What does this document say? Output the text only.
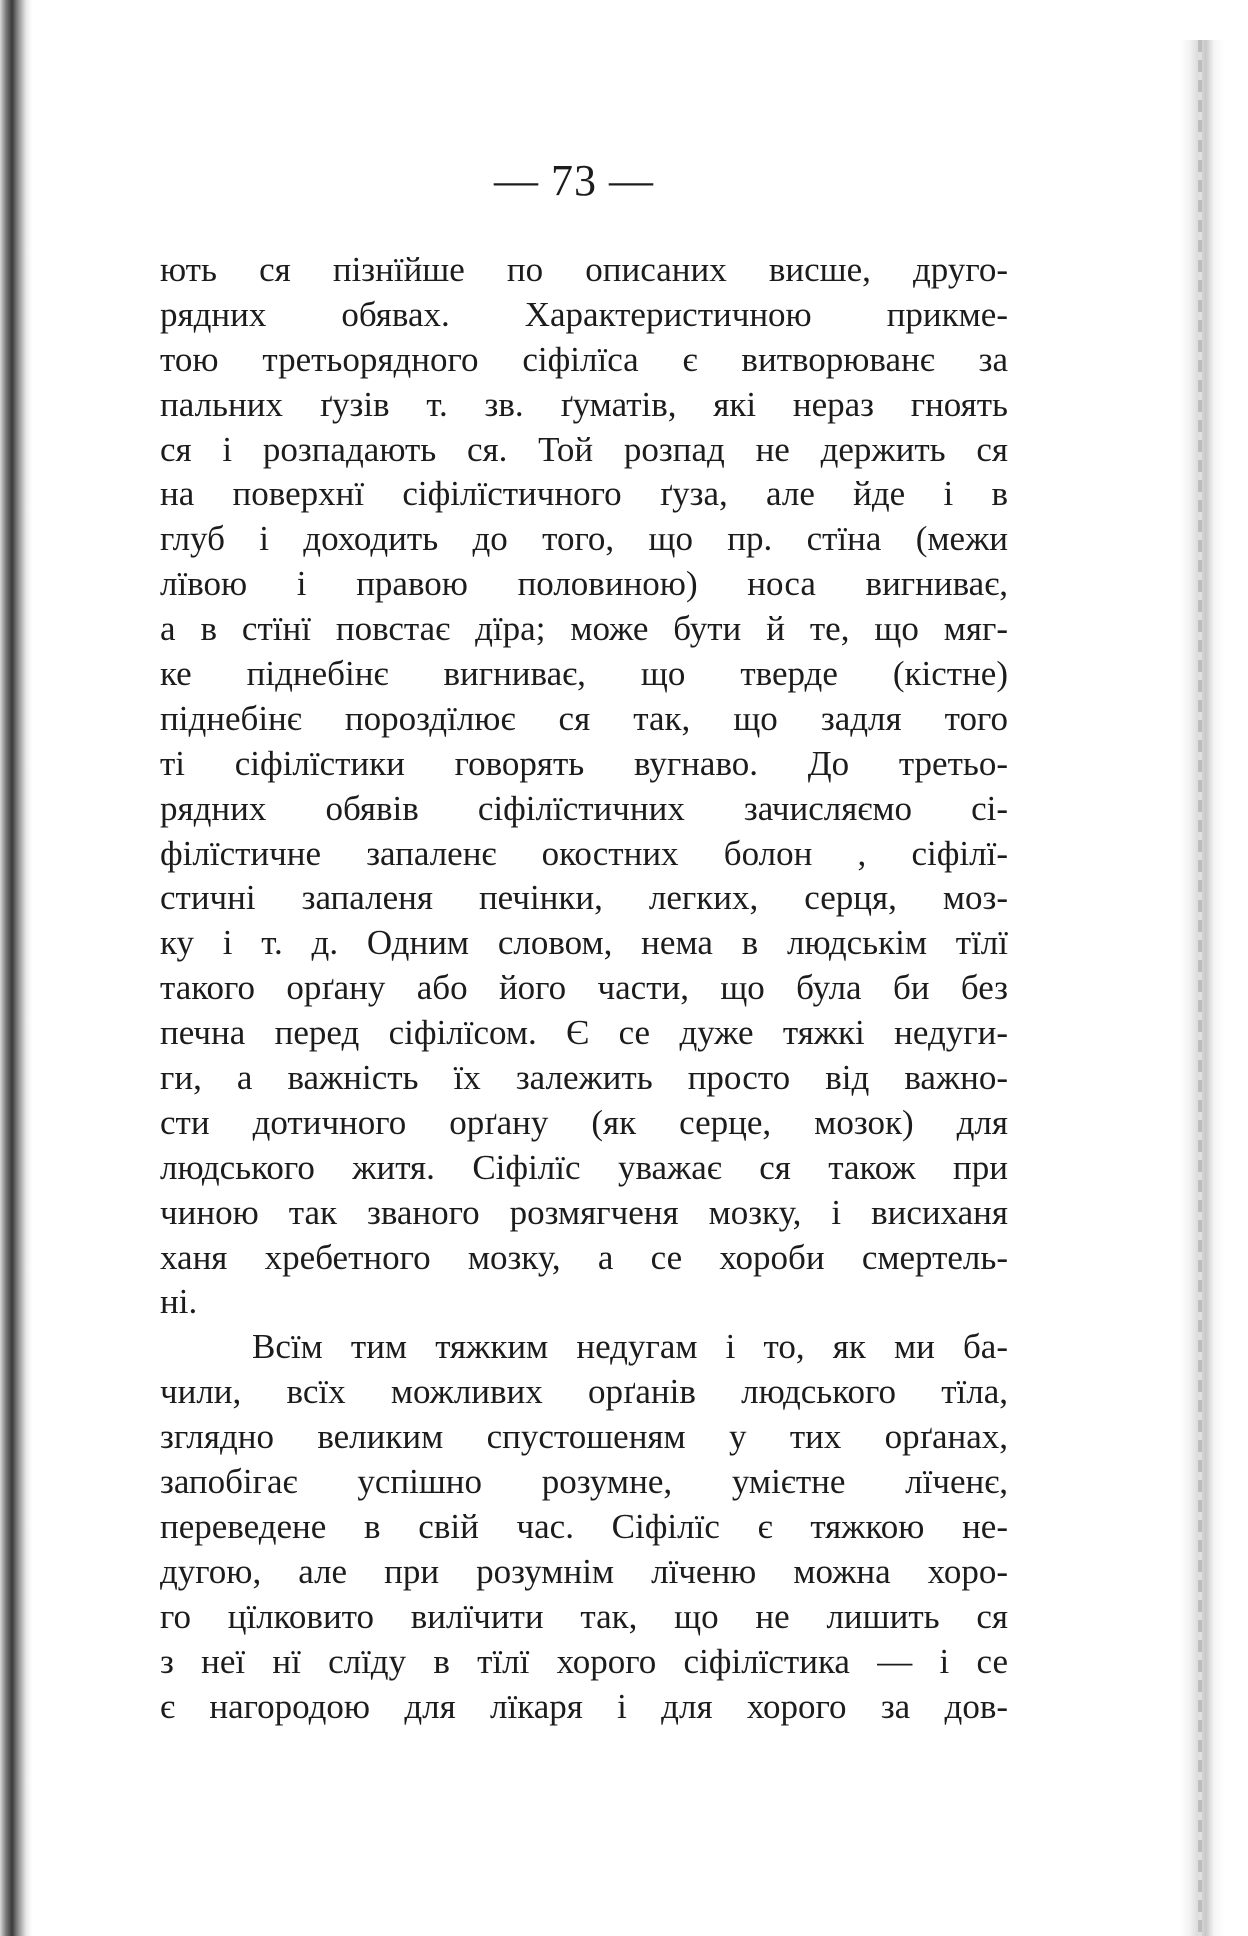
— 73 —
ють ся пізнїйше по описаних висше, друго-
рядних обявах. Характеристичною прикме-
тою третьорядного сіфілїса є витворюванє за
пальних ґузів т. зв. ґуматів, які нераз гноять
ся і розпадають ся. Той розпад не держить ся
на поверхнї сіфілїстичного ґуза, але йде і в
глуб і доходить до того, що пр. стїна (межи
лївою і правою половиною) носа вигниває,
а в стїнї повстає дїра; може бути й те, що мяг-
ке піднебінє вигниває, що тверде (кістне)
піднебінє пороздїлює ся так, що задля того
ті сіфілїстики говорять вугнаво. До третьо-
рядних обявів сіфілїстичних зачисляємо сі-
філїстичне запаленє окостних болон , сіфілї-
стичні запаленя печінки, легких, серця, моз-
ку і т. д. Одним словом, нема в людськім тїлї
такого орґану або його части, що була би без
печна перед сіфілїсом. Є се дуже тяжкі недуги-
ги, а важність їх залежить просто від важно-
сти дотичного орґану (як серце, мозок) для
людського житя. Сіфілїс уважає ся також при
чиною так званого розмягченя мозку, і висиханя
ханя хребетного мозку, а се хороби смертель-
ні.
Всїм тим тяжким недугам і то, як ми ба-
чили, всїх можливих орґанів людського тїла,
зглядно великим спустошеням у тих орґанах,
запобігає успішно розумне, умієтне лїченє,
переведене в свій час. Сіфілїс є тяжкою не-
дугою, але при розумнім лїченю можна хоро-
го цїлковито вилїчити так, що не лишить ся
з неї нї слїду в тїлї хорого сіфілїстика — і се
є нагородою для лїкаря і для хорого за дов-
